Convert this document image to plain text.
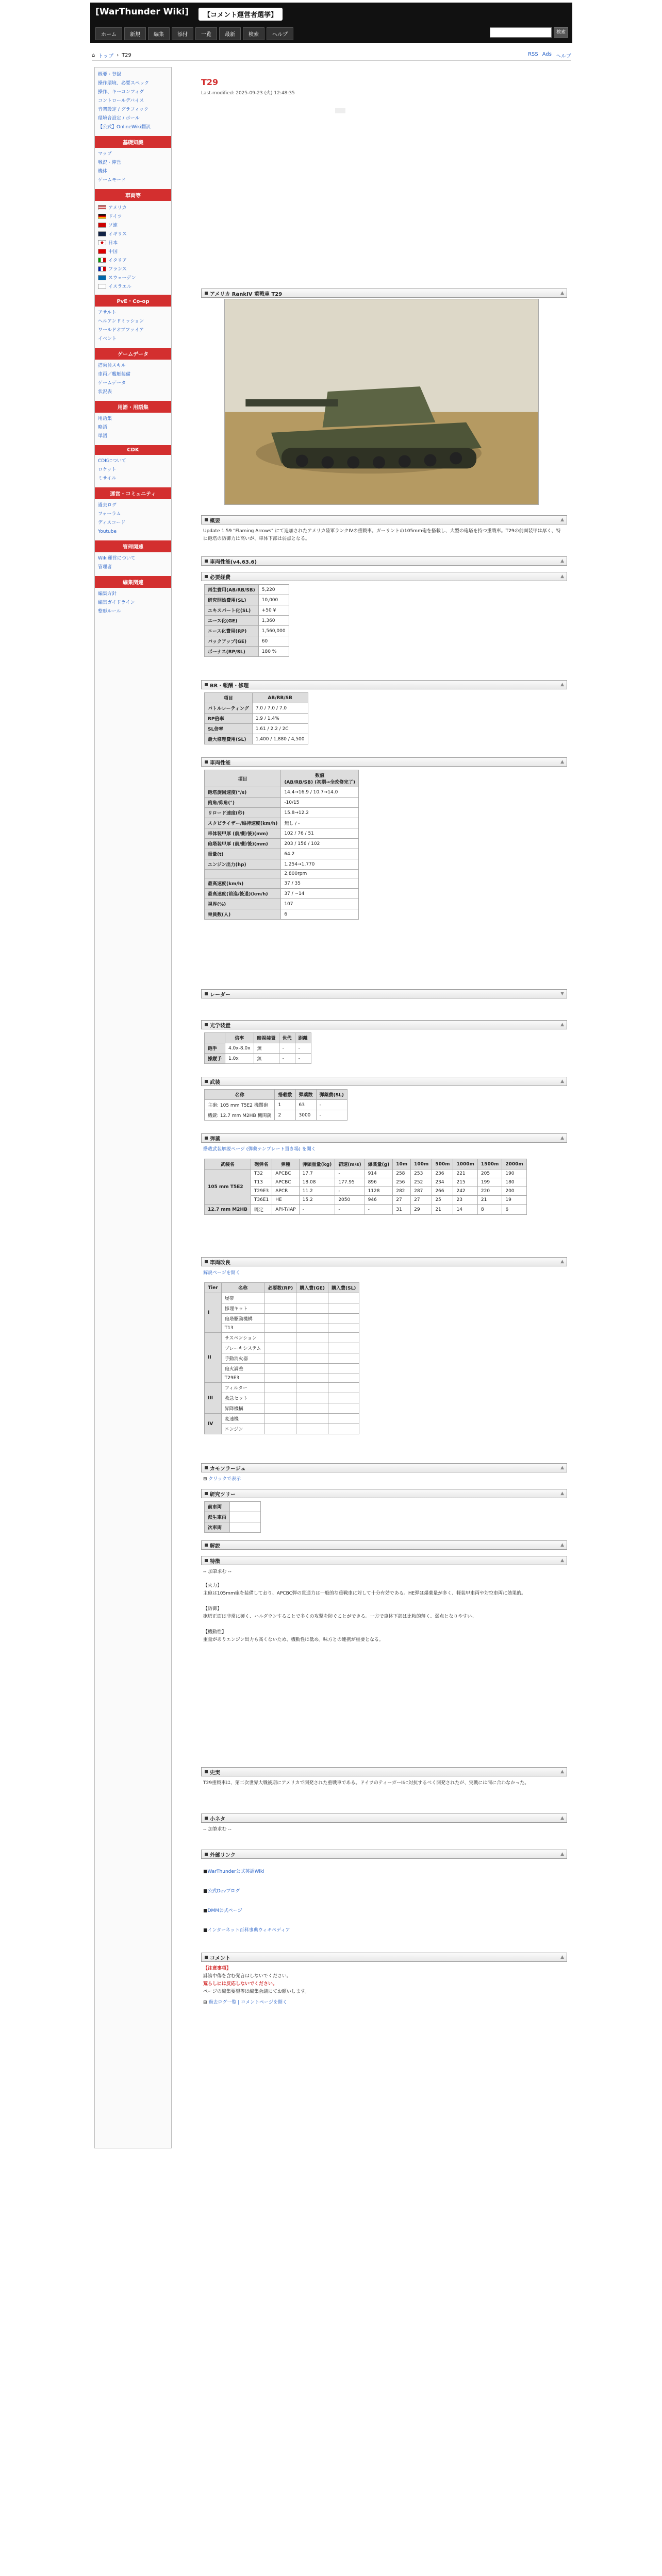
[WarThunder Wiki]	【コメント運営者選挙】
ホーム	新規	編集	添付	一覧	最新	検索	ヘルプ	検索
⌂ トップ › T29	RSS Ads ヘルプ
概要・登録
操作環境、必要スペック
操作、キーコンフィグ
コントロールデバイス
音楽設定 / グラフィック
環境音設定 / ボール
【公式】OnlineWiki翻訳
基礎知識
マップ
戦況・陣営
機体
ゲームモード
車両等
アメリカ
ドイツ
ソ連
イギリス
日本
中国
イタリア
フランス
スウェーデン
イスラエル
PvE・Co-op
アサルト
ヘルアンドミッション
ワールドオブファイア
イベント
ゲームデータ
搭乗員スキル
車両／艦艇装備
ゲームデータ
状況表
用語・用語集
用語集
略語
単語
CDK
CDKについて
ロケット
ミサイル
運営・コミュニティ
過去ログ
フォーラム
ディスコード
Youtube
管理関連
Wiki運営について
管理者
編集関連
編集方針
編集ガイドライン
整形ルール
T29
Last-modified: 2025-09-23 (火) 12:48:35
アメリカ RankIV 重戦車 T29	▲
概要	▲
Update 1.59 "Flaming Arrows" にて追加されたアメリカ陸軍ランクIVの重戦車。ガーリントの105mm砲を搭載し、大型の砲塔を持つ重戦車。T29の前面装甲は厚く、特に砲塔の防御力は高いが、車体下部は弱点となる。
車両性能(v4.63.6)	▲
必要経費	▲
再生費用(AB/RB/SB)	5,220
研究開始費用(SL)	10,000
エキスパート化(SL)	+50 ¥
エース化(GE)	1,360
エース化費用(RP)	1,560,000
バックアップ(GE)	60
ボーナス(RP/SL)	180 %
BR・報酬・修理	▲
項目	AB/RB/SB
バトルレーティング	7.0 / 7.0 / 7.0
RP倍率	1.9 / 1.4%
SL倍率	1.61 / 2.2 / 2C
最大修理費用(SL)	1,400 / 1,880 / 4,500
車両性能	▲
項目	数値
(AB/RB/SB) (初期→全改修完了)
砲塔旋回速度(°/s)	14.4→16.9 / 10.7→14.0
俯角/仰角(°)	-10/15
リロード速度(秒)	15.8→12.2
スタビライザー/維持速度(km/h)	無し / -
車体装甲厚 (前/側/後)(mm)	102 / 76 / 51
砲塔装甲厚 (前/側/後)(mm)	203 / 156 / 102
重量(t)	64.2
エンジン出力(hp)	1,254→1,770
	2,800rpm
最高速度(km/h)	37 / 35
最高速度(前進/後退)(km/h)	37 / ~14
視界(%)	107
乗員数(人)	6
レーダー	▼
光学装置	▲
	倍率	暗視装置	世代	距離
砲手	4.0x-8.0x	無	-	-
操縦手	1.0x	無	-	-
武装	▲
名称	搭載数	弾薬数	弾薬費(SL)
主砲: 105 mm T5E2 機関砲	1	63	-
機銃: 12.7 mm M2HB 機関銃	2	3000	-
弾薬	▲
搭載武装解説ページ (弾薬テンプレート置き場) を開く
武装名	砲弾名	弾種	弾頭重量(kg)	初速(m/s)	爆薬量(g)	10m	100m	500m	1000m	1500m	2000m
105 mm T5E2	T32	APCBC	17.7	-	914	258	253	236	221	205	190
	T13	APCBC	18.08	177.95	896	256	252	234	215	199	180
	T29E3	APCR	11.2	-	1128	282	287	266	242	220	200
	T36E1	HE	15.2	2050	946	27	27	25	23	21	19
12.7 mm M2HB	既定	API-T/IAP	-	-	-	31	29	21	14	8	6
車両改良	▲
解説ページを開く
Tier	名称	必要数(RP)	購入費(GE)	購入費(SL)
I	履帯			
	修理キット			
	砲塔駆動機構			
	T13			
II	サスペンション			
	ブレーキシステム			
	手動消火器			
	砲火調整			
	T29E3			
III	フィルター			
	救急セット			
	昇降機構			
IV	変速機			
	エンジン			
カモフラージュ	▲
⊞ クリックで表示
研究ツリー	▲
前車両	
派生車両	
次車両	
解説	▲
特徴	▲
-- 加筆求む --
【火力】
主砲は105mm砲を装備しており、APCBC弾の貫通力は一般的な重戦車に対して十分有効である。HE弾は爆薬量が多く、軽装甲車両や対空車両に効果的。

【防御】
砲塔正面は非常に硬く、ハルダウンすることで多くの攻撃を防ぐことができる。一方で車体下部は比較的薄く、弱点となりやすい。

【機動性】
重量がありエンジン出力も高くないため、機動性は低め。味方との連携が重要となる。
史実	▲
T29重戦車は、第二次世界大戦後期にアメリカで開発された重戦車である。ドイツのティーガーIIに対抗するべく開発されたが、実戦には間に合わなかった。
小ネタ	▲
-- 加筆求む --
外部リンク	▲
■WarThunder公式英語Wiki
■公式Devブログ
■DMM公式ページ
■インターネット百科事典ウィキペディア
コメント	▲
【注意事項】
誹謗中傷を含む発言はしないでください。
荒らしには反応しないでください。
ページの編集要望等は編集会議にてお願いします。
⊞ 過去ログ一覧 | コメントページを開く
